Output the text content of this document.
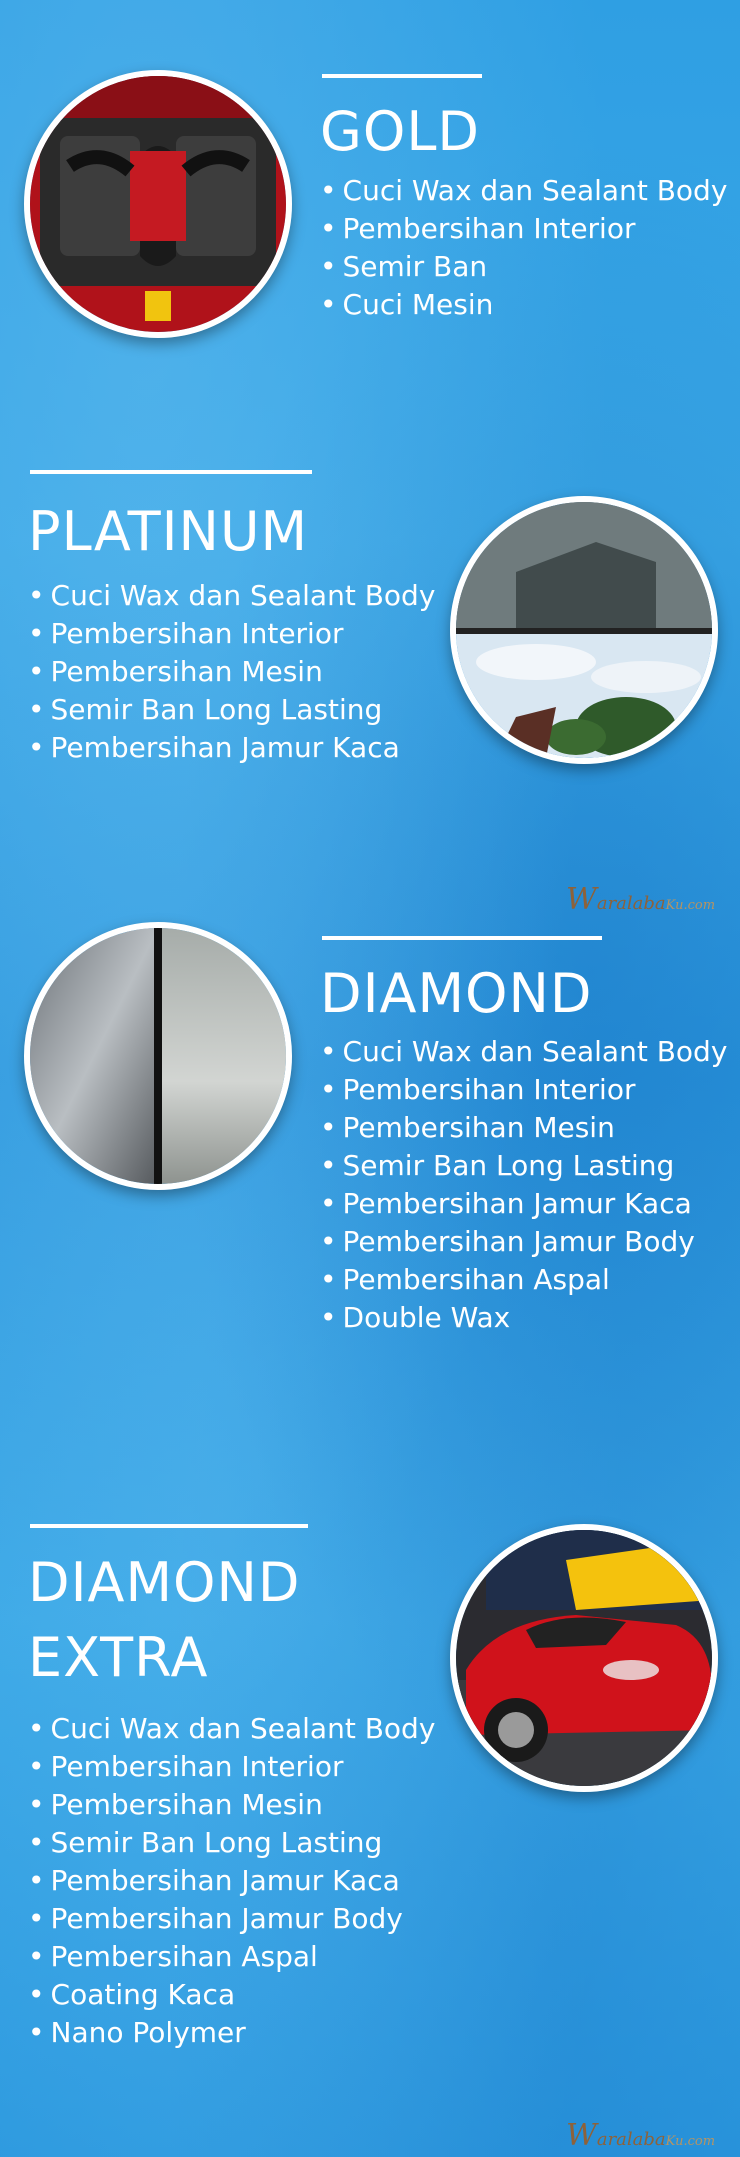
GOLD
• Cuci Wax dan Sealant Body
• Pembersihan Interior
• Semir Ban
• Cuci Mesin
PLATINUM
• Cuci Wax dan Sealant Body
• Pembersihan Interior
• Pembersihan Mesin
• Semir Ban Long Lasting
• Pembersihan Jamur Kaca
WaralabaKu.com
DIAMOND
• Cuci Wax dan Sealant Body
• Pembersihan Interior
• Pembersihan Mesin
• Semir Ban Long Lasting
• Pembersihan Jamur Kaca
• Pembersihan Jamur Body
• Pembersihan Aspal
• Double Wax
DIAMOND
EXTRA
• Cuci Wax dan Sealant Body
• Pembersihan Interior
• Pembersihan Mesin
• Semir Ban Long Lasting
• Pembersihan Jamur Kaca
• Pembersihan Jamur Body
• Pembersihan Aspal
• Coating Kaca
• Nano Polymer
WaralabaKu.com
